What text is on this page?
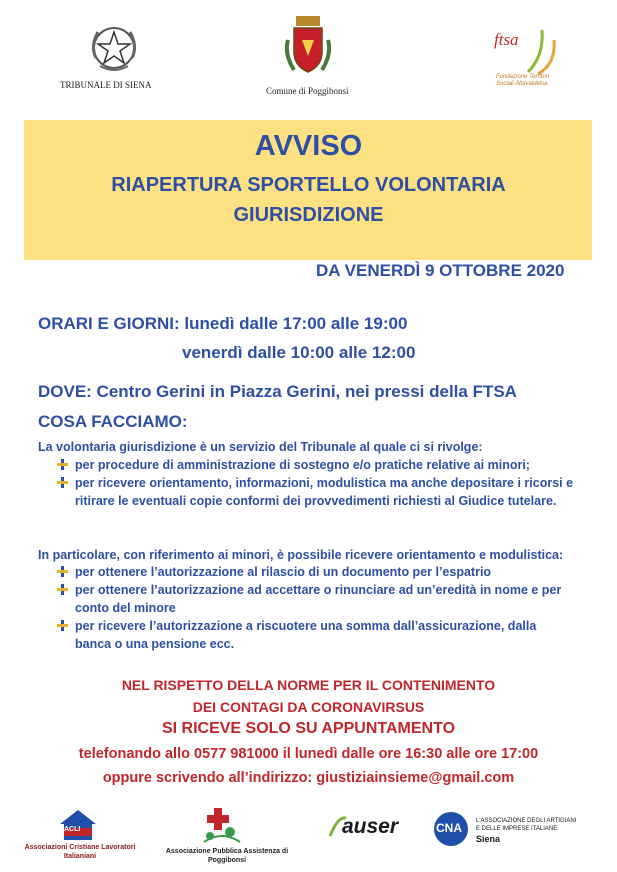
TRIBUNALE DI SIENA
Comune di Poggibonsi
ftsa
Fondazione Territori
Sociali Altavaldelsa
AVVISO
RIAPERTURA SPORTELLO VOLONTARIA
GIURISDIZIONE
DA VENERDÌ 9 OTTOBRE 2020
ORARI E GIORNI: lunedì dalle 17:00 alle 19:00
venerdì dalle 10:00 alle 12:00
DOVE: Centro Gerini in Piazza Gerini, nei pressi della FTSA
COSA FACCIAMO:
La volontaria giurisdizione è un servizio del Tribunale al quale ci si rivolge:
per procedure di amministrazione di sostegno e/o pratiche relative ai minori;
per ricevere orientamento, informazioni, modulistica ma anche depositare i ricorsi e ritirare le eventuali copie conformi dei provvedimenti richiesti al Giudice tutelare.
In particolare, con riferimento ai minori, è possibile ricevere orientamento e modulistica:
per ottenere l’autorizzazione al rilascio di un documento per l’espatrio
per ottenere l’autorizzazione ad accettare o rinunciare ad un’eredità in nome e per conto del minore
per ricevere l’autorizzazione a riscuotere una somma dall’assicurazione, dalla banca o una pensione ecc.
NEL RISPETTO DELLA NORME PER IL CONTENIMENTO
DEI CONTAGI DA CORONAVIRSUS
SI RICEVE SOLO SU APPUNTAMENTO
telefonando allo 0577 981000 il lunedì dalle ore 16:30 alle ore 17:00
oppure scrivendo all’indirizzo: giustiziainsieme@gmail.com
ACLI
Associazioni Cristiane Lavoratori
Italianiani
Associazione Pubblica Assistenza di
Poggibonsi
auser	CNA L'ASSOCIAZIONE DEGLI ARTIGIANI
E DELLE IMPRESE ITALIANE
Siena
